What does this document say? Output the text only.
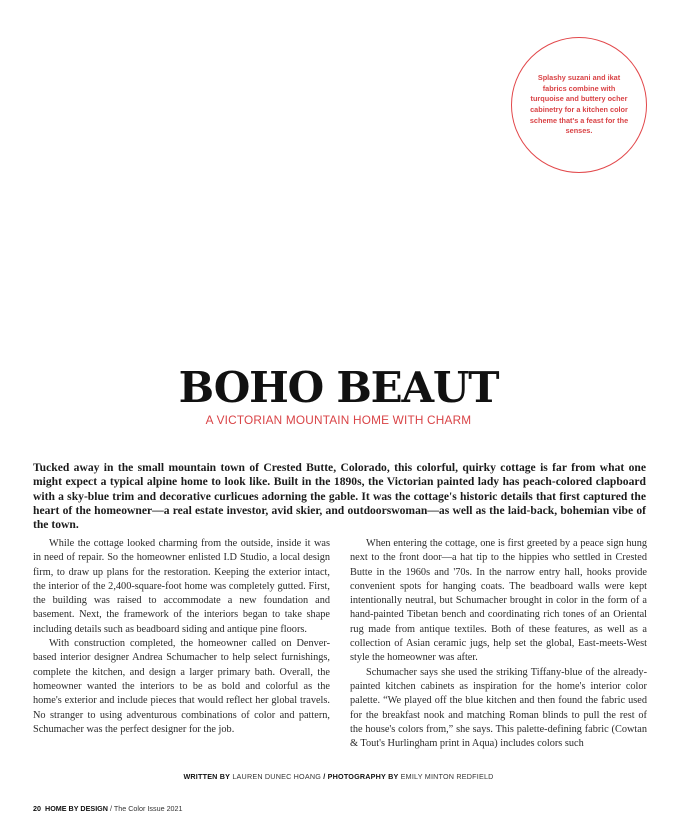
Splashy suzani and ikat fabrics combine with turquoise and buttery ocher cabinetry for a kitchen color scheme that's a feast for the senses.

BOHO BEAUT
A VICTORIAN MOUNTAIN HOME WITH CHARM

Tucked away in the small mountain town of Crested Butte, Colorado, this colorful, quirky cottage is far from what one might expect a typical alpine home to look like. Built in the 1890s, the Victorian painted lady has peach-colored clapboard with a sky-blue trim and decorative curlicues adorning the gable. It was the cottage's historic details that first captured the heart of the homeowner—a real estate investor, avid skier, and outdoorswoman—as well as the laid-back, bohemian vibe of the town.

While the cottage looked charming from the outside, inside it was in need of repair. So the homeowner enlisted I.D Studio, a local design firm, to draw up plans for the restoration. Keeping the exterior intact, the interior of the 2,400-square-foot home was completely gutted. First, the building was raised to accommodate a new foundation and basement. Next, the framework of the interiors began to take shape including details such as beadboard siding and antique pine floors.

With construction completed, the homeowner called on Denver-based interior designer Andrea Schumacher to help select furnishings, complete the kitchen, and design a larger primary bath. Overall, the homeowner wanted the interiors to be as bold and colorful as the home's exterior and include pieces that would reflect her global travels. No stranger to using adventurous combinations of color and pattern, Schumacher was the perfect designer for the job.

When entering the cottage, one is first greeted by a peace sign hung next to the front door—a hat tip to the hippies who settled in Crested Butte in the 1960s and '70s. In the narrow entry hall, hooks provide convenient spots for hanging coats. The beadboard walls were kept intentionally neutral, but Schumacher brought in color in the form of a hand-painted Tibetan bench and coordinating rich tones of an Oriental rug made from antique textiles. Both of these features, as well as a collection of Asian ceramic jugs, help set the global, East-meets-West style the homeowner was after.

Schumacher says she used the striking Tiffany-blue of the already-painted kitchen cabinets as inspiration for the home's interior color palette. “We played off the blue kitchen and then found the fabric used for the breakfast nook and matching Roman blinds to pull the rest of the house's colors from,” she says. This palette-defining fabric (Cowtan & Tout's Hurlingham print in Aqua) includes colors such

WRITTEN BY LAUREN DUNEC HOANG / PHOTOGRAPHY BY EMILY MINTON REDFIELD

20 HOME BY DESIGN / The Color Issue 2021
